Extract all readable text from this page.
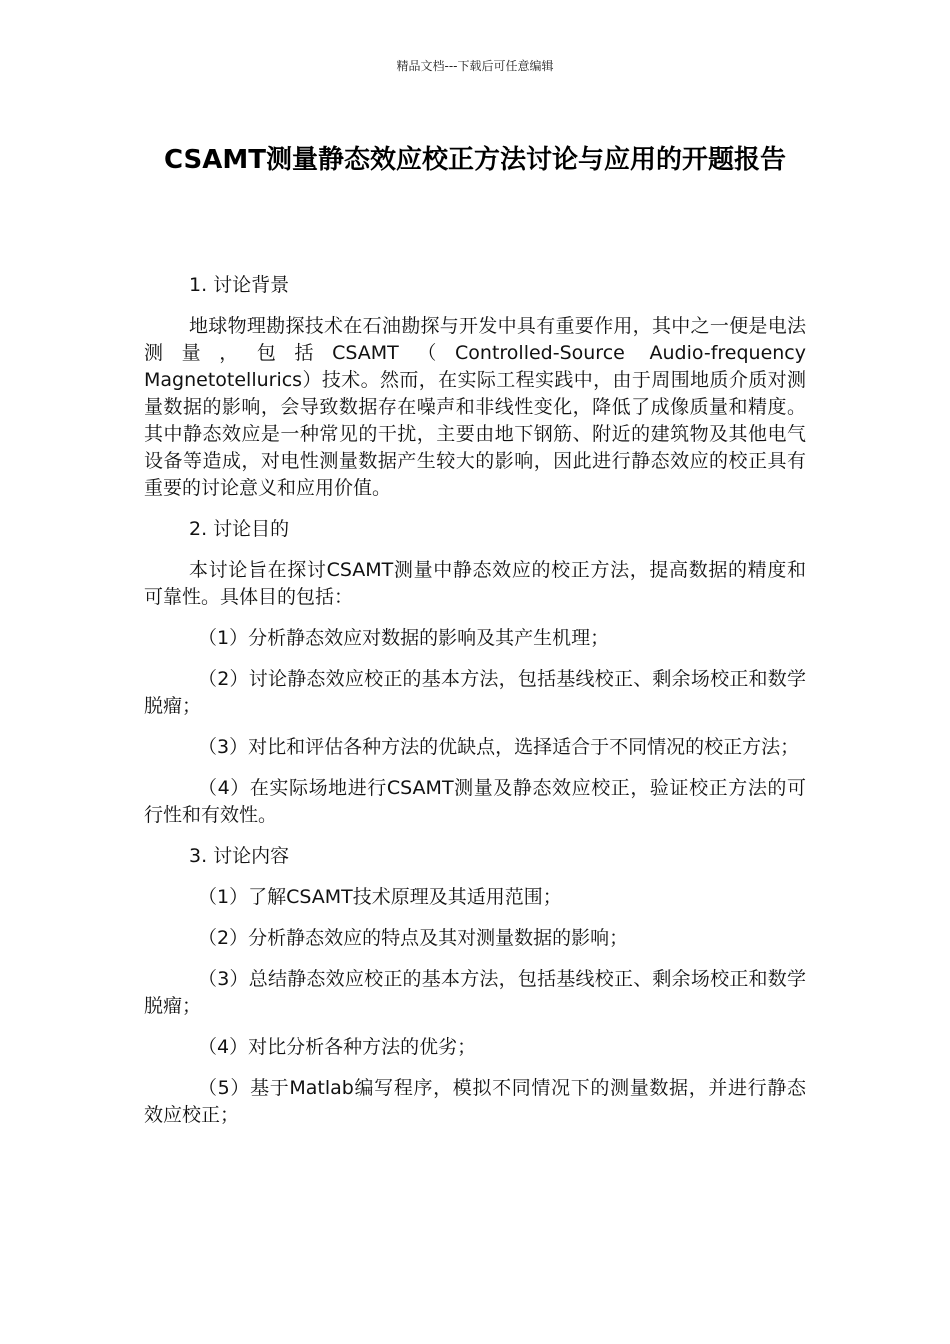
精品文档---下载后可任意编辑
CSAMT测量静态效应校正方法讨论与应用的开题报告

1. 讨论背景

地球物理勘探技术在石油勘探与开发中具有重要作用，其中之一便是电法测量，包括CSAMT（Controlled-Source Audio-frequency Magnetotellurics）技术。然而，在实际工程实践中，由于周围地质介质对测量数据的影响，会导致数据存在噪声和非线性变化，降低了成像质量和精度。其中静态效应是一种常见的干扰，主要由地下钢筋、附近的建筑物及其他电气设备等造成，对电性测量数据产生较大的影响，因此进行静态效应的校正具有重要的讨论意义和应用价值。

2. 讨论目的

本讨论旨在探讨CSAMT测量中静态效应的校正方法，提高数据的精度和可靠性。具体目的包括：

（1）分析静态效应对数据的影响及其产生机理；

（2）讨论静态效应校正的基本方法，包括基线校正、剩余场校正和数学脱瘤；

（3）对比和评估各种方法的优缺点，选择适合于不同情况的校正方法；

（4）在实际场地进行CSAMT测量及静态效应校正，验证校正方法的可行性和有效性。

3. 讨论内容

（1）了解CSAMT技术原理及其适用范围；

（2）分析静态效应的特点及其对测量数据的影响；

（3）总结静态效应校正的基本方法，包括基线校正、剩余场校正和数学脱瘤；

（4）对比分析各种方法的优劣；

（5）基于Matlab编写程序，模拟不同情况下的测量数据，并进行静态效应校正；
